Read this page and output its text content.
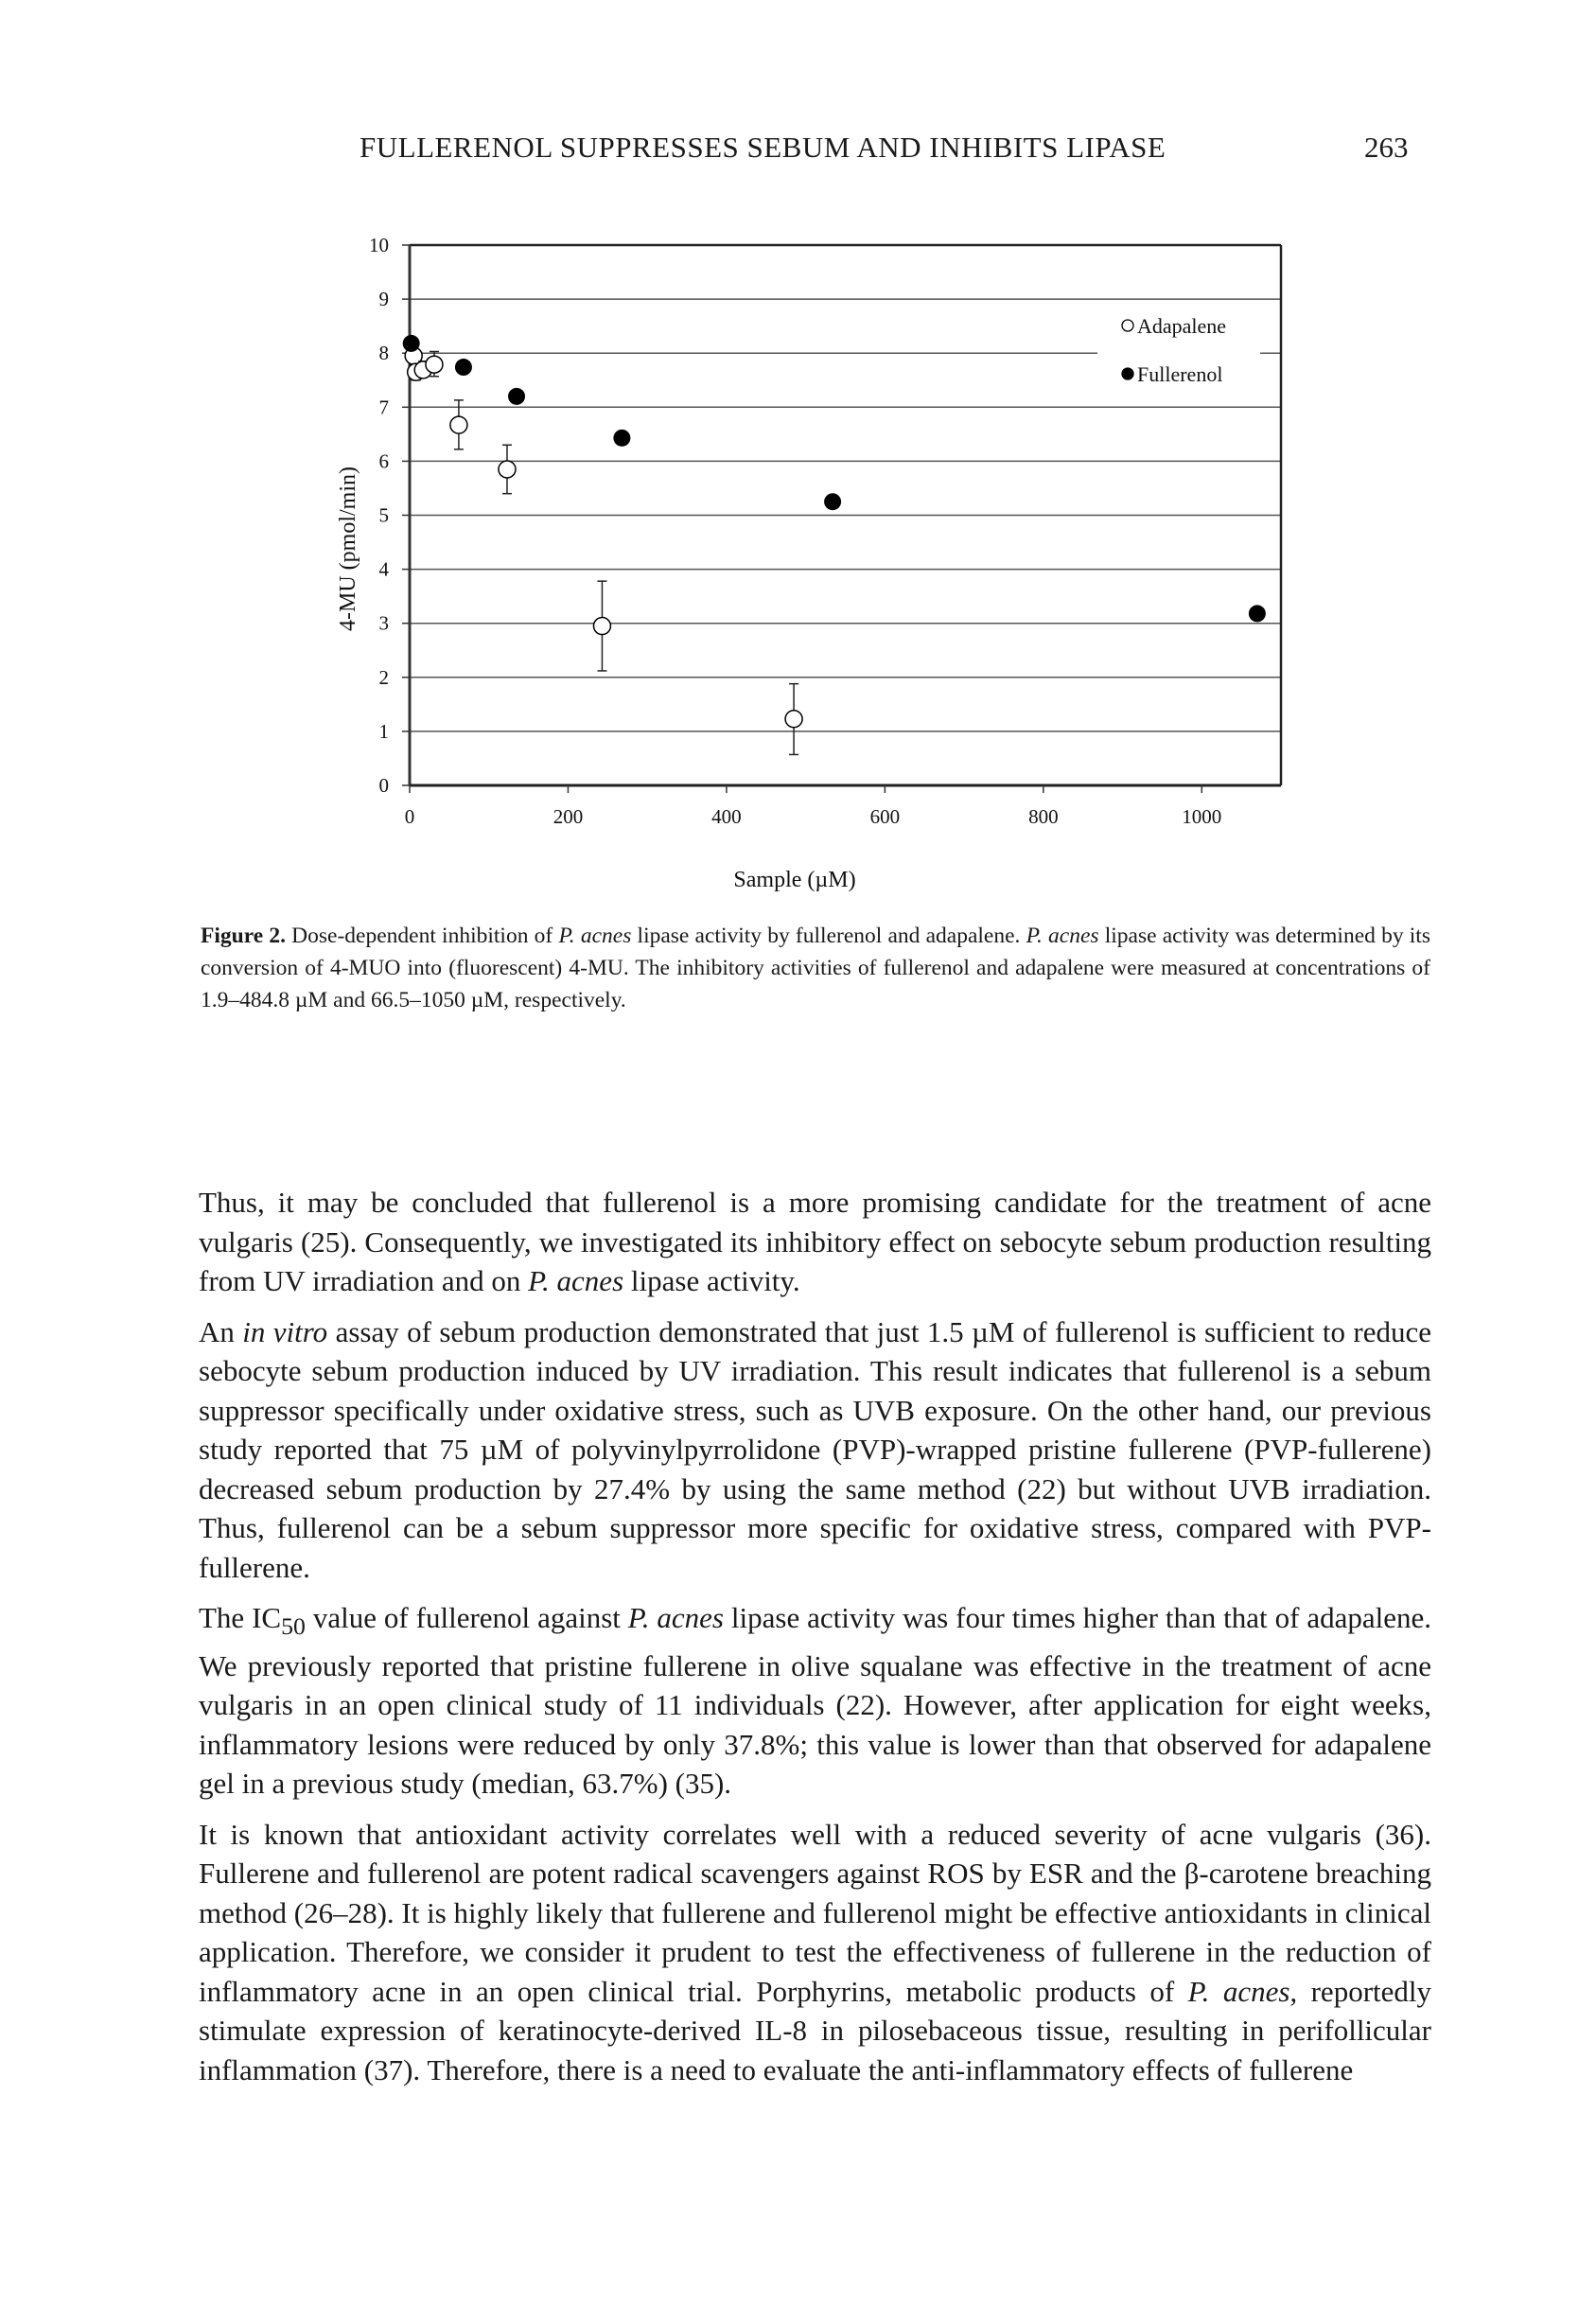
FULLERENOL SUPPRESSES SEBUM AND INHIBITS LIPASE	263
0
1
2
3
4
5
6
7
8
9
10
0	200	400	600	800	1000
Adapalene
Fullerenol
4-MU (pmol/min)
Sample (µM)
Figure 2. Dose-dependent inhibition of P. acnes lipase activity by fullerenol and adapalene. P. acnes lipase activity was determined by its conversion of 4-MUO into (fluorescent) 4-MU. The inhibitory activities of fullerenol and adapalene were measured at concentrations of 1.9–484.8 µM and 66.5–1050 µM, respectively.

Thus, it may be concluded that fullerenol is a more promising candidate for the treatment of acne vulgaris (25). Consequently, we investigated its inhibitory effect on sebocyte sebum production resulting from UV irradiation and on P. acnes lipase activity.

An in vitro assay of sebum production demonstrated that just 1.5 µM of fullerenol is sufficient to reduce sebocyte sebum production induced by UV irradiation. This result indicates that fullerenol is a sebum suppressor specifically under oxidative stress, such as UVB exposure. On the other hand, our previous study reported that 75 µM of polyvinylpyrrolidone (PVP)-wrapped pristine fullerene (PVP-fullerene) decreased sebum production by 27.4% by using the same method (22) but without UVB irradiation. Thus, fullerenol can be a sebum suppressor more specific for oxidative stress, compared with PVP-fullerene.

The $IC_{50}$ value of fullerenol against P. acnes lipase activity was four times higher than that of adapalene. We previously reported that pristine fullerene in olive squalane was effective in the treatment of acne vulgaris in an open clinical study of 11 individuals (22). However, after application for eight weeks, inflammatory lesions were reduced by only 37.8%; this value is lower than that observed for adapalene gel in a previous study (median, 63.7%) (35).

It is known that antioxidant activity correlates well with a reduced severity of acne vulgaris (36). Fullerene and fullerenol are potent radical scavengers against ROS by ESR and the β-carotene breaching method (26–28). It is highly likely that fullerene and fullerenol might be effective antioxidants in clinical application. Therefore, we consider it prudent to test the effectiveness of fullerene in the reduction of inflammatory acne in an open clinical trial. Porphyrins, metabolic products of P. acnes, reportedly stimulate expression of keratinocyte-derived IL-8 in pilosebaceous tissue, resulting in perifollicular inflammation (37). Therefore, there is a need to evaluate the anti-inflammatory effects of fullerene
